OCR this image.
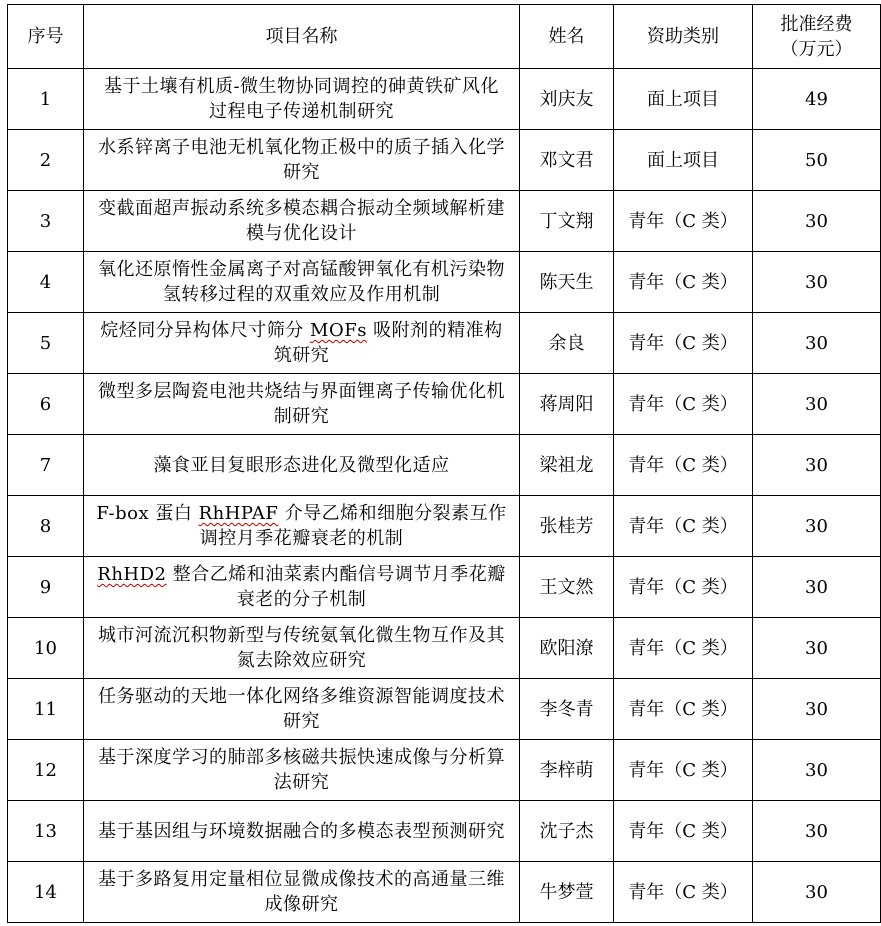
序号	项目名称	姓名	资助类别	批准经费
（万元）

1	基于土壤有机质-微生物协同调控的砷黄铁矿风化过程电子传递机制研究	刘庆友	面上项目	49
2	水系锌离子电池无机氧化物正极中的质子插入化学研究	邓文君	面上项目	50
3	变截面超声振动系统多模态耦合振动全频域解析建模与优化设计	丁文翔	青年（C 类）	30
4	氧化还原惰性金属离子对高锰酸钾氧化有机污染物氢转移过程的双重效应及作用机制	陈天生	青年（C 类）	30
5	烷烃同分异构体尺寸筛分 MOFs 吸附剂的精准构筑研究	余良	青年（C 类）	30
6	微型多层陶瓷电池共烧结与界面锂离子传输优化机制研究	蒋周阳	青年（C 类）	30
7	藻食亚目复眼形态进化及微型化适应	梁祖龙	青年（C 类）	30
8	F-box 蛋白 RhHPAF 介导乙烯和细胞分裂素互作调控月季花瓣衰老的机制	张桂芳	青年（C 类）	30
9	RhHD2 整合乙烯和油菜素内酯信号调节月季花瓣衰老的分子机制	王文然	青年（C 类）	30
10	城市河流沉积物新型与传统氨氧化微生物互作及其氮去除效应研究	欧阳潦	青年（C 类）	30
11	任务驱动的天地一体化网络多维资源智能调度技术研究	李冬青	青年（C 类）	30
12	基于深度学习的肺部多核磁共振快速成像与分析算法研究	李梓萌	青年（C 类）	30
13	基于基因组与环境数据融合的多模态表型预测研究	沈子杰	青年（C 类）	30
14	基于多路复用定量相位显微成像技术的高通量三维成像研究	牛梦萱	青年（C 类）	30
